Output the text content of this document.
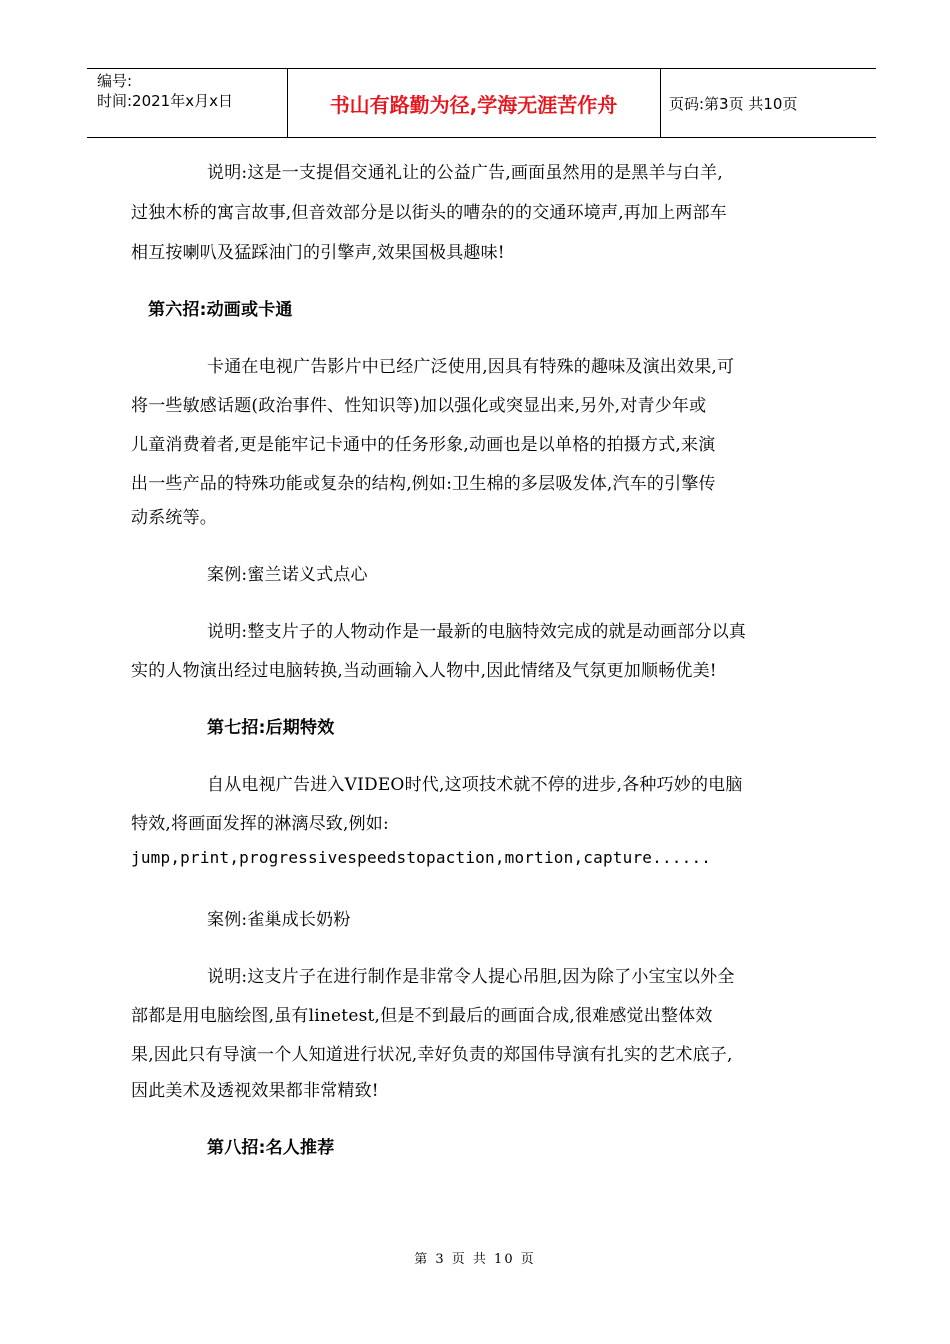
编号:
时间:2021年x月x日	书山有路勤为径,学海无涯苦作舟	页码:第3页 共10页
说明:这是一支提倡交通礼让的公益广告,画面虽然用的是黑羊与白羊,
过独木桥的寓言故事,但音效部分是以街头的嘈杂的的交通环境声,再加上两部车
相互按喇叭及猛踩油门的引擎声,效果国极具趣味!
第六招:动画或卡通
卡通在电视广告影片中已经广泛使用,因具有特殊的趣味及演出效果,可
将一些敏感话题(政治事件、性知识等)加以强化或突显出来,另外,对青少年或
儿童消费着者,更是能牢记卡通中的任务形象,动画也是以单格的拍摄方式,来演
出一些产品的特殊功能或复杂的结构,例如:卫生棉的多层吸发体,汽车的引擎传
动系统等。
案例:蜜兰诺义式点心
说明:整支片子的人物动作是一最新的电脑特效完成的就是动画部分以真
实的人物演出经过电脑转换,当动画输入人物中,因此情绪及气氛更加顺畅优美!
第七招:后期特效
自从电视广告进入VIDEO时代,这项技术就不停的进步,各种巧妙的电脑
特效,将画面发挥的淋漓尽致,例如:
jump,print,progressivespeedstopaction,mortion,capture......
案例:雀巢成长奶粉
说明:这支片子在进行制作是非常令人提心吊胆,因为除了小宝宝以外全
部都是用电脑绘图,虽有linetest,但是不到最后的画面合成,很难感觉出整体效
果,因此只有导演一个人知道进行状况,幸好负责的郑国伟导演有扎实的艺术底子,
因此美术及透视效果都非常精致!
第八招:名人推荐
第 3 页 共 10 页
